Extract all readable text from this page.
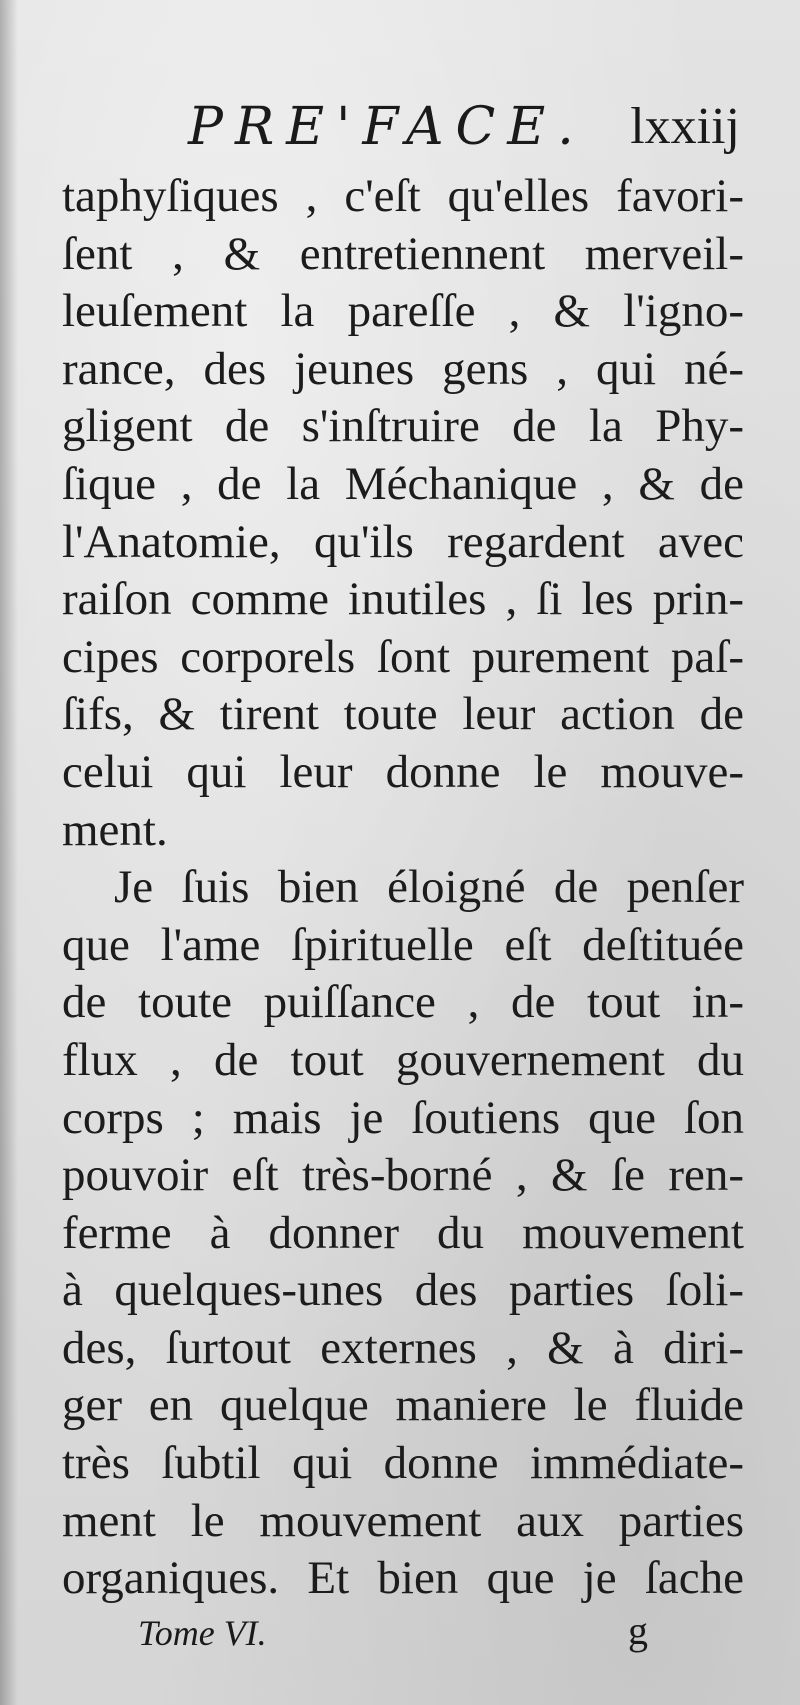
PRE'FACE. lxxiij
taphyſiques , c'eſt qu'elles favori-
ſent , & entretiennent merveil-
leuſement la pareſſe , & l'igno-
rance, des jeunes gens , qui né-
gligent de s'inſtruire de la Phy-
ſique , de la Méchanique , & de
l'Anatomie, qu'ils regardent avec
raiſon comme inutiles , ſi les prin-
cipes corporels ſont purement paſ-
ſifs, & tirent toute leur action de
celui qui leur donne le mouve-
ment.
Je ſuis bien éloigné de penſer
que l'ame ſpirituelle eſt deſtituée
de toute puiſſance , de tout in-
flux , de tout gouvernement du
corps ; mais je ſoutiens que ſon
pouvoir eſt très-borné , & ſe ren-
ferme à donner du mouvement
à quelques-unes des parties ſoli-
des, ſurtout externes , & à diri-
ger en quelque maniere le fluide
très ſubtil qui donne immédiate-
ment le mouvement aux parties
organiques. Et bien que je ſache
Tome VI.	g
